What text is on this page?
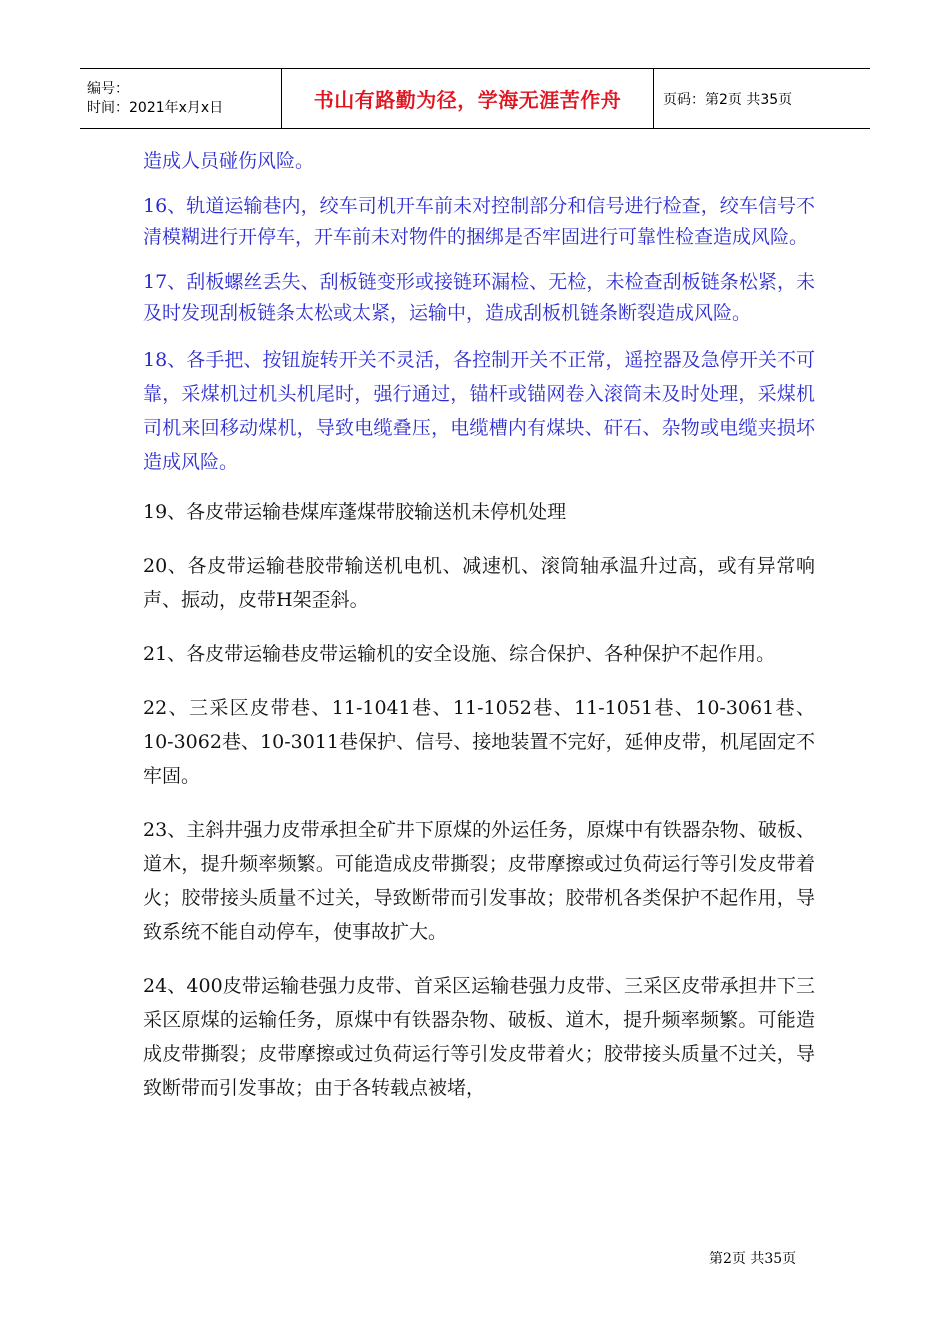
编号：
时间：2021年x月x日	书山有路勤为径，学海无涯苦作舟	页码：第2页 共35页

造成人员碰伤风险。

16、轨道运输巷内，绞车司机开车前未对控制部分和信号进行检查，绞车信号不清模糊进行开停车，开车前未对物件的捆绑是否牢固进行可靠性检查造成风险。

17、刮板螺丝丢失、刮板链变形或接链环漏检、无检，未检查刮板链条松紧，未及时发现刮板链条太松或太紧，运输中，造成刮板机链条断裂造成风险。

18、各手把、按钮旋转开关不灵活，各控制开关不正常，遥控器及急停开关不可靠，采煤机过机头机尾时，强行通过，锚杆或锚网卷入滚筒未及时处理，采煤机司机来回移动煤机，导致电缆叠压，电缆槽内有煤块、矸石、杂物或电缆夹损坏造成风险。

19、各皮带运输巷煤库蓬煤带胶输送机未停机处理

20、各皮带运输巷胶带输送机电机、减速机、滚筒轴承温升过高，或有异常响声、振动，皮带H架歪斜。

21、各皮带运输巷皮带运输机的安全设施、综合保护、各种保护不起作用。

22、三采区皮带巷、11-1041巷、11-1052巷、11-1051巷、10-3061巷、10-3062巷、10-3011巷保护、信号、接地装置不完好，延伸皮带，机尾固定不牢固。

23、主斜井强力皮带承担全矿井下原煤的外运任务，原煤中有铁器杂物、破板、道木，提升频率频繁。可能造成皮带撕裂；皮带摩擦或过负荷运行等引发皮带着火；胶带接头质量不过关，导致断带而引发事故；胶带机各类保护不起作用，导致系统不能自动停车，使事故扩大。

24、400皮带运输巷强力皮带、首采区运输巷强力皮带、三采区皮带承担井下三采区原煤的运输任务，原煤中有铁器杂物、破板、道木，提升频率频繁。可能造成皮带撕裂；皮带摩擦或过负荷运行等引发皮带着火；胶带接头质量不过关，导致断带而引发事故；由于各转载点被堵，

第2页 共35页
